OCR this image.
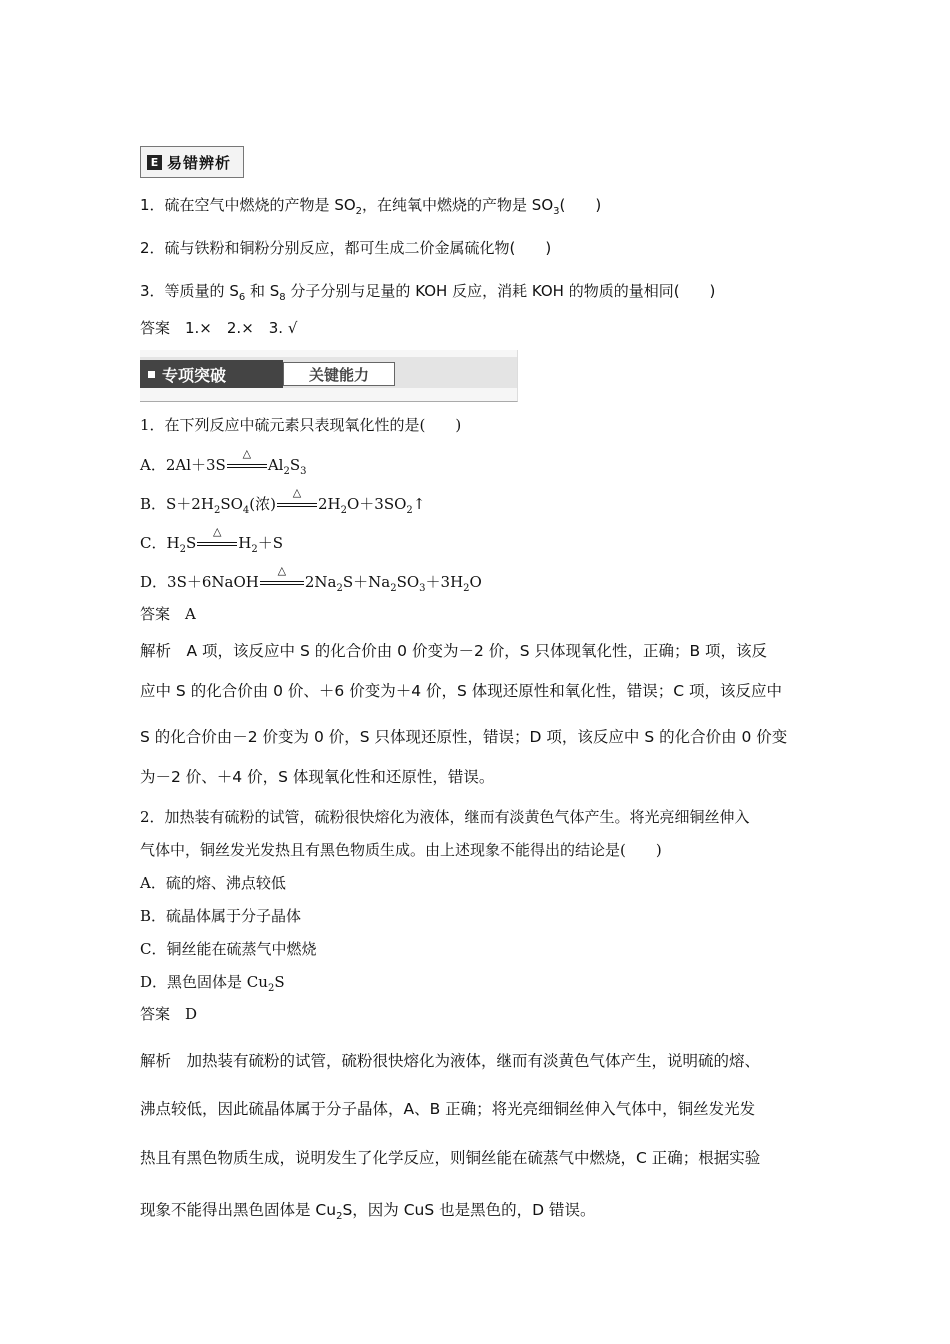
E 易错辨析
1．硫在空气中燃烧的产物是 $SO_2$，在纯氧中燃烧的产物是 $SO_3$(　　)
2．硫与铁粉和铜粉分别反应，都可生成二价金属硫化物(　　)
3．等质量的 $S_6$ 和 $S_8$ 分子分别与足量的 KOH 反应，消耗 KOH 的物质的量相同(　　)
答案　1.×　2.×　3. √
专项突破	关键能力
1．在下列反应中硫元素只表现氧化性的是(　　)
A．2Al＋3S
△
$Al_2S_3$
B．$S+2H_2SO_4$(浓)
△
$2H_2O+3SO_2↑$
C．$H_2S$
△
$H_2+S$
D．3S＋6NaOH
△
$2Na_2S+Na_2SO_3+3H_2O$
答案　A
解析　A 项，该反应中 S 的化合价由 0 价变为－2 价，S 只体现氧化性，正确；B 项，该反
应中 S 的化合价由 0 价、＋6 价变为＋4 价，S 体现还原性和氧化性，错误；C 项，该反应中
S 的化合价由－2 价变为 0 价，S 只体现还原性，错误；D 项，该反应中 S 的化合价由 0 价变
为－2 价、＋4 价，S 体现氧化性和还原性，错误。
2．加热装有硫粉的试管，硫粉很快熔化为液体，继而有淡黄色气体产生。将光亮细铜丝伸入
气体中，铜丝发光发热且有黑色物质生成。由上述现象不能得出的结论是(　　)
A．硫的熔、沸点较低
B．硫晶体属于分子晶体
C．铜丝能在硫蒸气中燃烧
D．黑色固体是 $Cu_2S$
答案　D
解析　加热装有硫粉的试管，硫粉很快熔化为液体，继而有淡黄色气体产生，说明硫的熔、
沸点较低，因此硫晶体属于分子晶体，A、B 正确；将光亮细铜丝伸入气体中，铜丝发光发
热且有黑色物质生成，说明发生了化学反应，则铜丝能在硫蒸气中燃烧，C 正确；根据实验
现象不能得出黑色固体是 $Cu_2S$，因为 CuS 也是黑色的，D 错误。
